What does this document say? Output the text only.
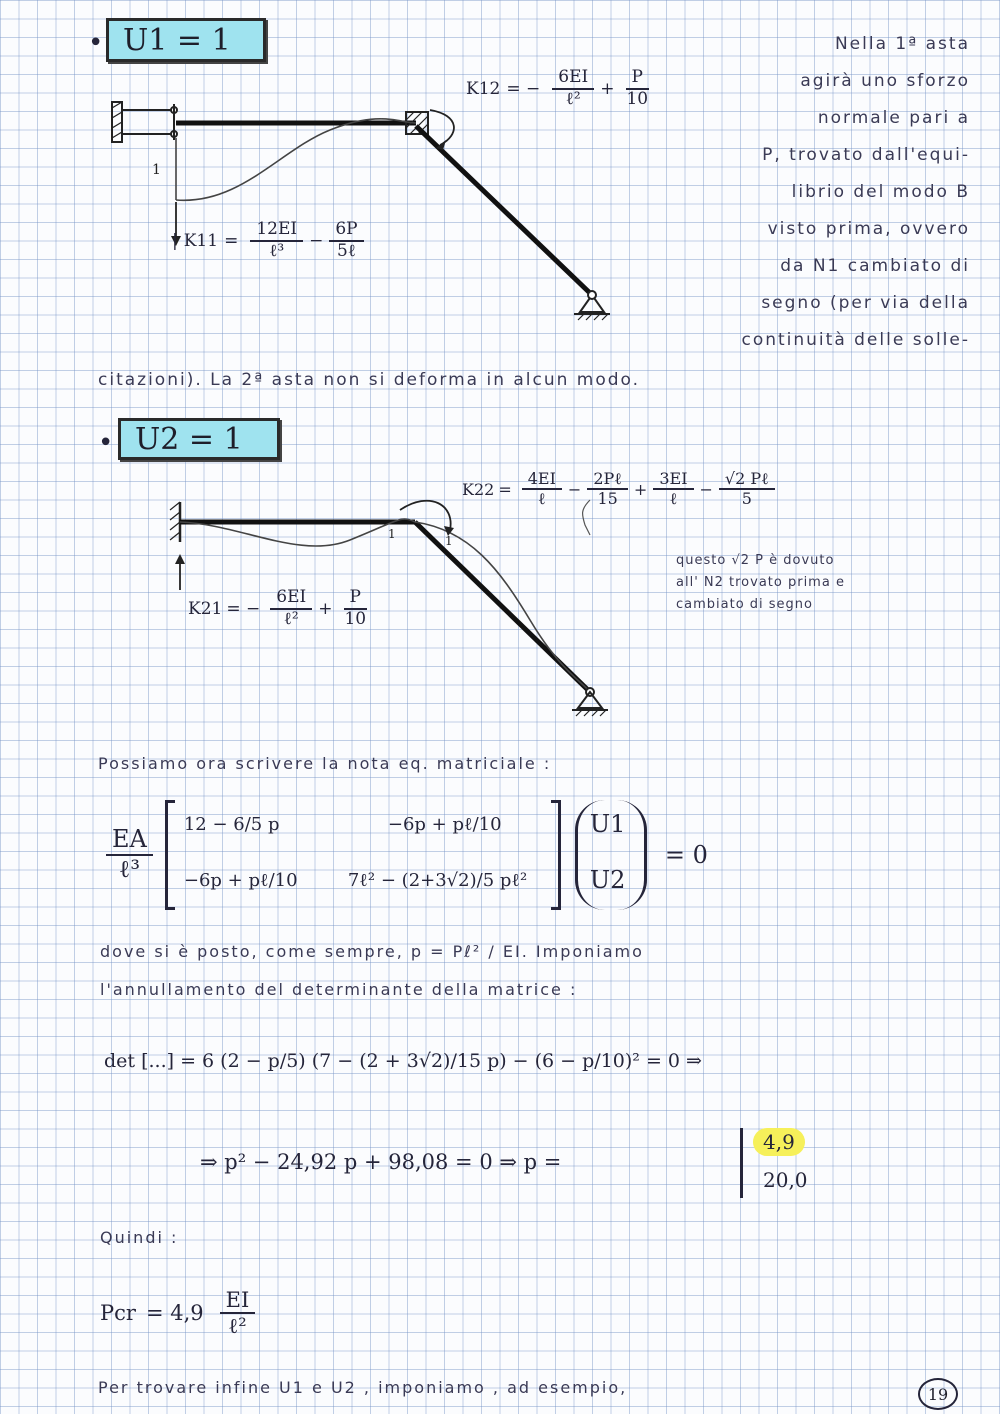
• U1 = 1
1
K12 = − $\frac{6EI}{\text{ℓ²}} + \frac{P}{10}$
| $K11 = \frac{12EI}{\text{ℓ³}} - \frac{6P}{\text{5ℓ}}$
Nella 1ª asta
agirà uno sforzo
normale pari a
P, trovato dall'equi-
librio del modo B
visto prima, ovvero
da N1 cambiato di
segno (per via della
continuità delle solle-
citazioni). La 2ª asta non si deforma in alcun modo.
• U2 = 1
1	1
$K22 = \frac{4EI}{\text{ℓ}} - \frac{\text{2Pℓ}}{15} + \frac{3EI}{\text{ℓ}} - \frac{\text{√2 Pℓ}}{5}$
K21 = − $\frac{6EI}{\text{ℓ²}} + \frac{P}{10}$
questo √2 P è dovuto
all' N2 trovato prima e
cambiato di segno
Possiamo ora scrivere la nota eq. matriciale :
$\frac{EA}{\text{ℓ³}}$
12 − 6/5 p	−6p + pℓ/10
−6p + pℓ/10	7ℓ² − (2+3√2)/5 pℓ²
U1
U2
= 0
dove si è posto, come sempre, p = Pℓ² / EI. Imponiamo
l'annullamento del determinante della matrice :
det [...] = 6 (2 − p/5) (7 − (2 + 3√2)/15 p) − (6 − p/10)² = 0 ⇒
⇒ p² − 24,92 p + 98,08 = 0 ⇒ p =
4,9
20,0
Quindi :
Pcr = $4,9 \frac{EI}{\text{ℓ²}}$
Per trovare infine U1 e U2 , imponiamo , ad esempio,	19
